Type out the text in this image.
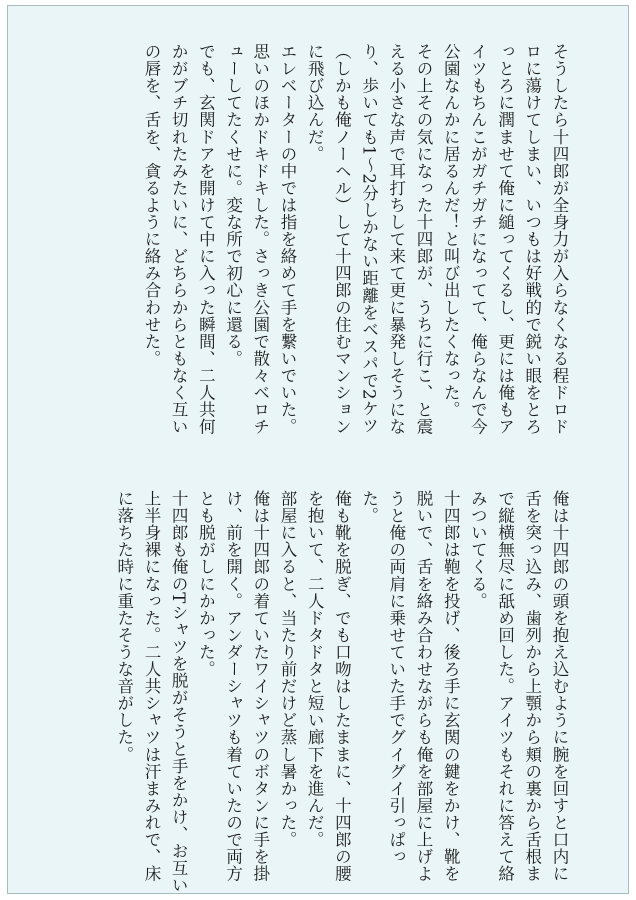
そうしたら十四郎が全身力が入らなくなる程ドロドロに蕩けてしまい、いつもは好戦的で鋭い眼をとろっとろに潤ませて俺に縋ってくるし、更には俺もアイツもちんこがガチガチになってて、俺らなんで今公園なんかに居るんだ！と叫び出したくなった。

その上その気になった十四郎が、うちに行こ、と震える小さな声で耳打ちして来て更に暴発しそうになり、歩いても1〜2分しかない距離をベスパで2ケツ（しかも俺ノーヘル）して十四郎の住むマンションに飛び込んだ。

エレベーターの中では指を絡めて手を繋いでいた。思いのほかドキドキした。さっき公園で散々ベロチューしてたくせに。変な所で初心に還る。

でも、玄関ドアを開けて中に入った瞬間、二人共何かがブチ切れたみたいに、どちらからともなく互いの唇を、舌を、貪るように絡み合わせた。

俺は十四郎の頭を抱え込むように腕を回すと口内に舌を突っ込み、歯列から上顎から頬の裏から舌根まで縦横無尽に舐め回した。アイツもそれに答えて絡みついてくる。

十四郎は鞄を投げ、後ろ手に玄関の鍵をかけ、靴を脱いで、舌を絡み合わせながらも俺を部屋に上げようと俺の両肩に乗せていた手でグイグイ引っぱった。

俺も靴を脱ぎ、でも口吻はしたままに、十四郎の腰を抱いて、二人ドタドタと短い廊下を進んだ。

部屋に入ると、当たり前だけど蒸し暑かった。

俺は十四郎の着ていたワイシャツのボタンに手を掛け、前を開く。アンダーシャツも着ていたので両方とも脱がしにかかった。

十四郎も俺のTシャツを脱がそうと手をかけ、お互い上半身裸になった。二人共シャツは汗まみれで、床に落ちた時に重たそうな音がした。
